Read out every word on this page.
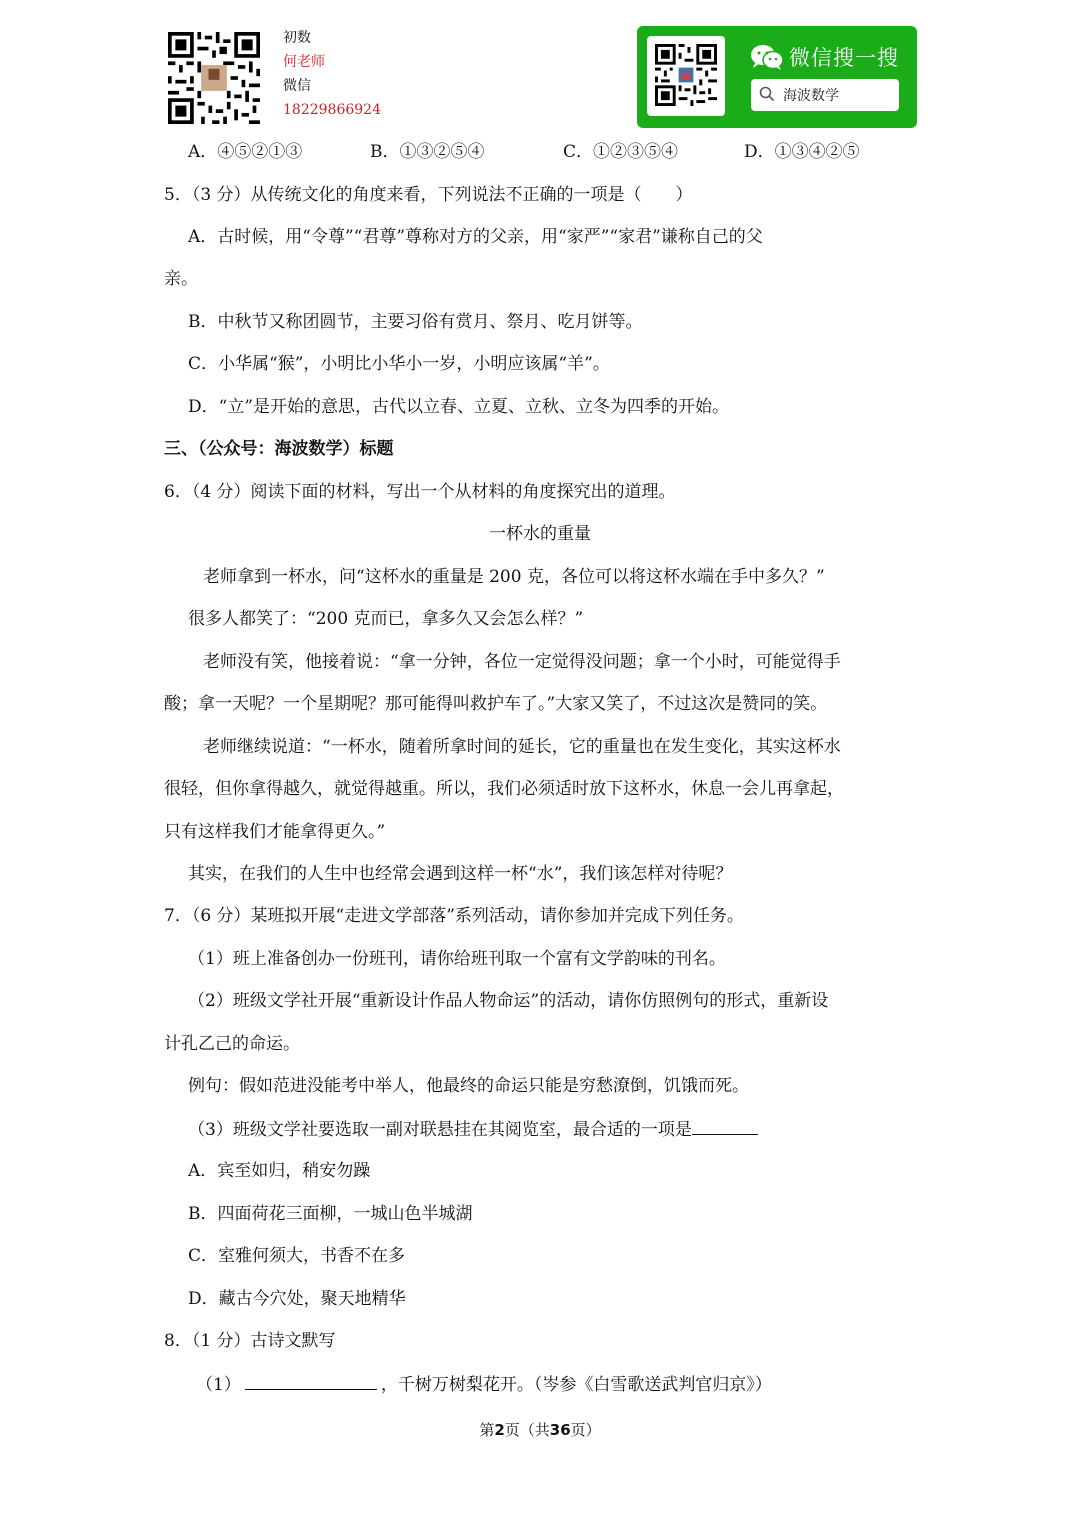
初数
何老师
微信
18229866924
微信搜一搜
海波数学
A．④⑤②①③	B．①③②⑤④	C．①②③⑤④	D．①③④②⑤
5．（3 分）从传统文化的角度来看，下列说法不正确的一项是（　　）
A．古时候，用“令尊”“君尊”尊称对方的父亲，用“家严”“家君”谦称自己的父
亲。
B．中秋节又称团圆节，主要习俗有赏月、祭月、吃月饼等。
C．小华属“猴”，小明比小华小一岁，小明应该属“羊”。
D．“立”是开始的意思，古代以立春、立夏、立秋、立冬为四季的开始。
三、（公众号：海波数学）标题
6．（4 分）阅读下面的材料，写出一个从材料的角度探究出的道理。
一杯水的重量
老师拿到一杯水，问“这杯水的重量是 200 克，各位可以将这杯水端在手中多久？”
很多人都笑了：“200 克而已，拿多久又会怎么样？”
老师没有笑，他接着说：“拿一分钟，各位一定觉得没问题；拿一个小时，可能觉得手
酸；拿一天呢？一个星期呢？那可能得叫救护车了。”大家又笑了，不过这次是赞同的笑。
老师继续说道：“一杯水，随着所拿时间的延长，它的重量也在发生变化，其实这杯水
很轻，但你拿得越久，就觉得越重。所以，我们必须适时放下这杯水，休息一会儿再拿起，
只有这样我们才能拿得更久。”
其实，在我们的人生中也经常会遇到这样一杯“水”，我们该怎样对待呢？
7．（6 分）某班拟开展“走进文学部落”系列活动，请你参加并完成下列任务。
（1）班上准备创办一份班刊，请你给班刊取一个富有文学韵味的刊名。
（2）班级文学社开展“重新设计作品人物命运”的活动，请你仿照例句的形式，重新设
计孔乙己的命运。
例句：假如范进没能考中举人，他最终的命运只能是穷愁潦倒，饥饿而死。
（3）班级文学社要选取一副对联悬挂在其阅览室，最合适的一项是
A．宾至如归，稍安勿躁
B．四面荷花三面柳，一城山色半城湖
C．室雅何须大，书香不在多
D．藏古今穴处，聚天地精华
8．（1 分）古诗文默写
（1）	，千树万树梨花开。（岑参《白雪歌送武判官归京》）
第2页（共36页）
